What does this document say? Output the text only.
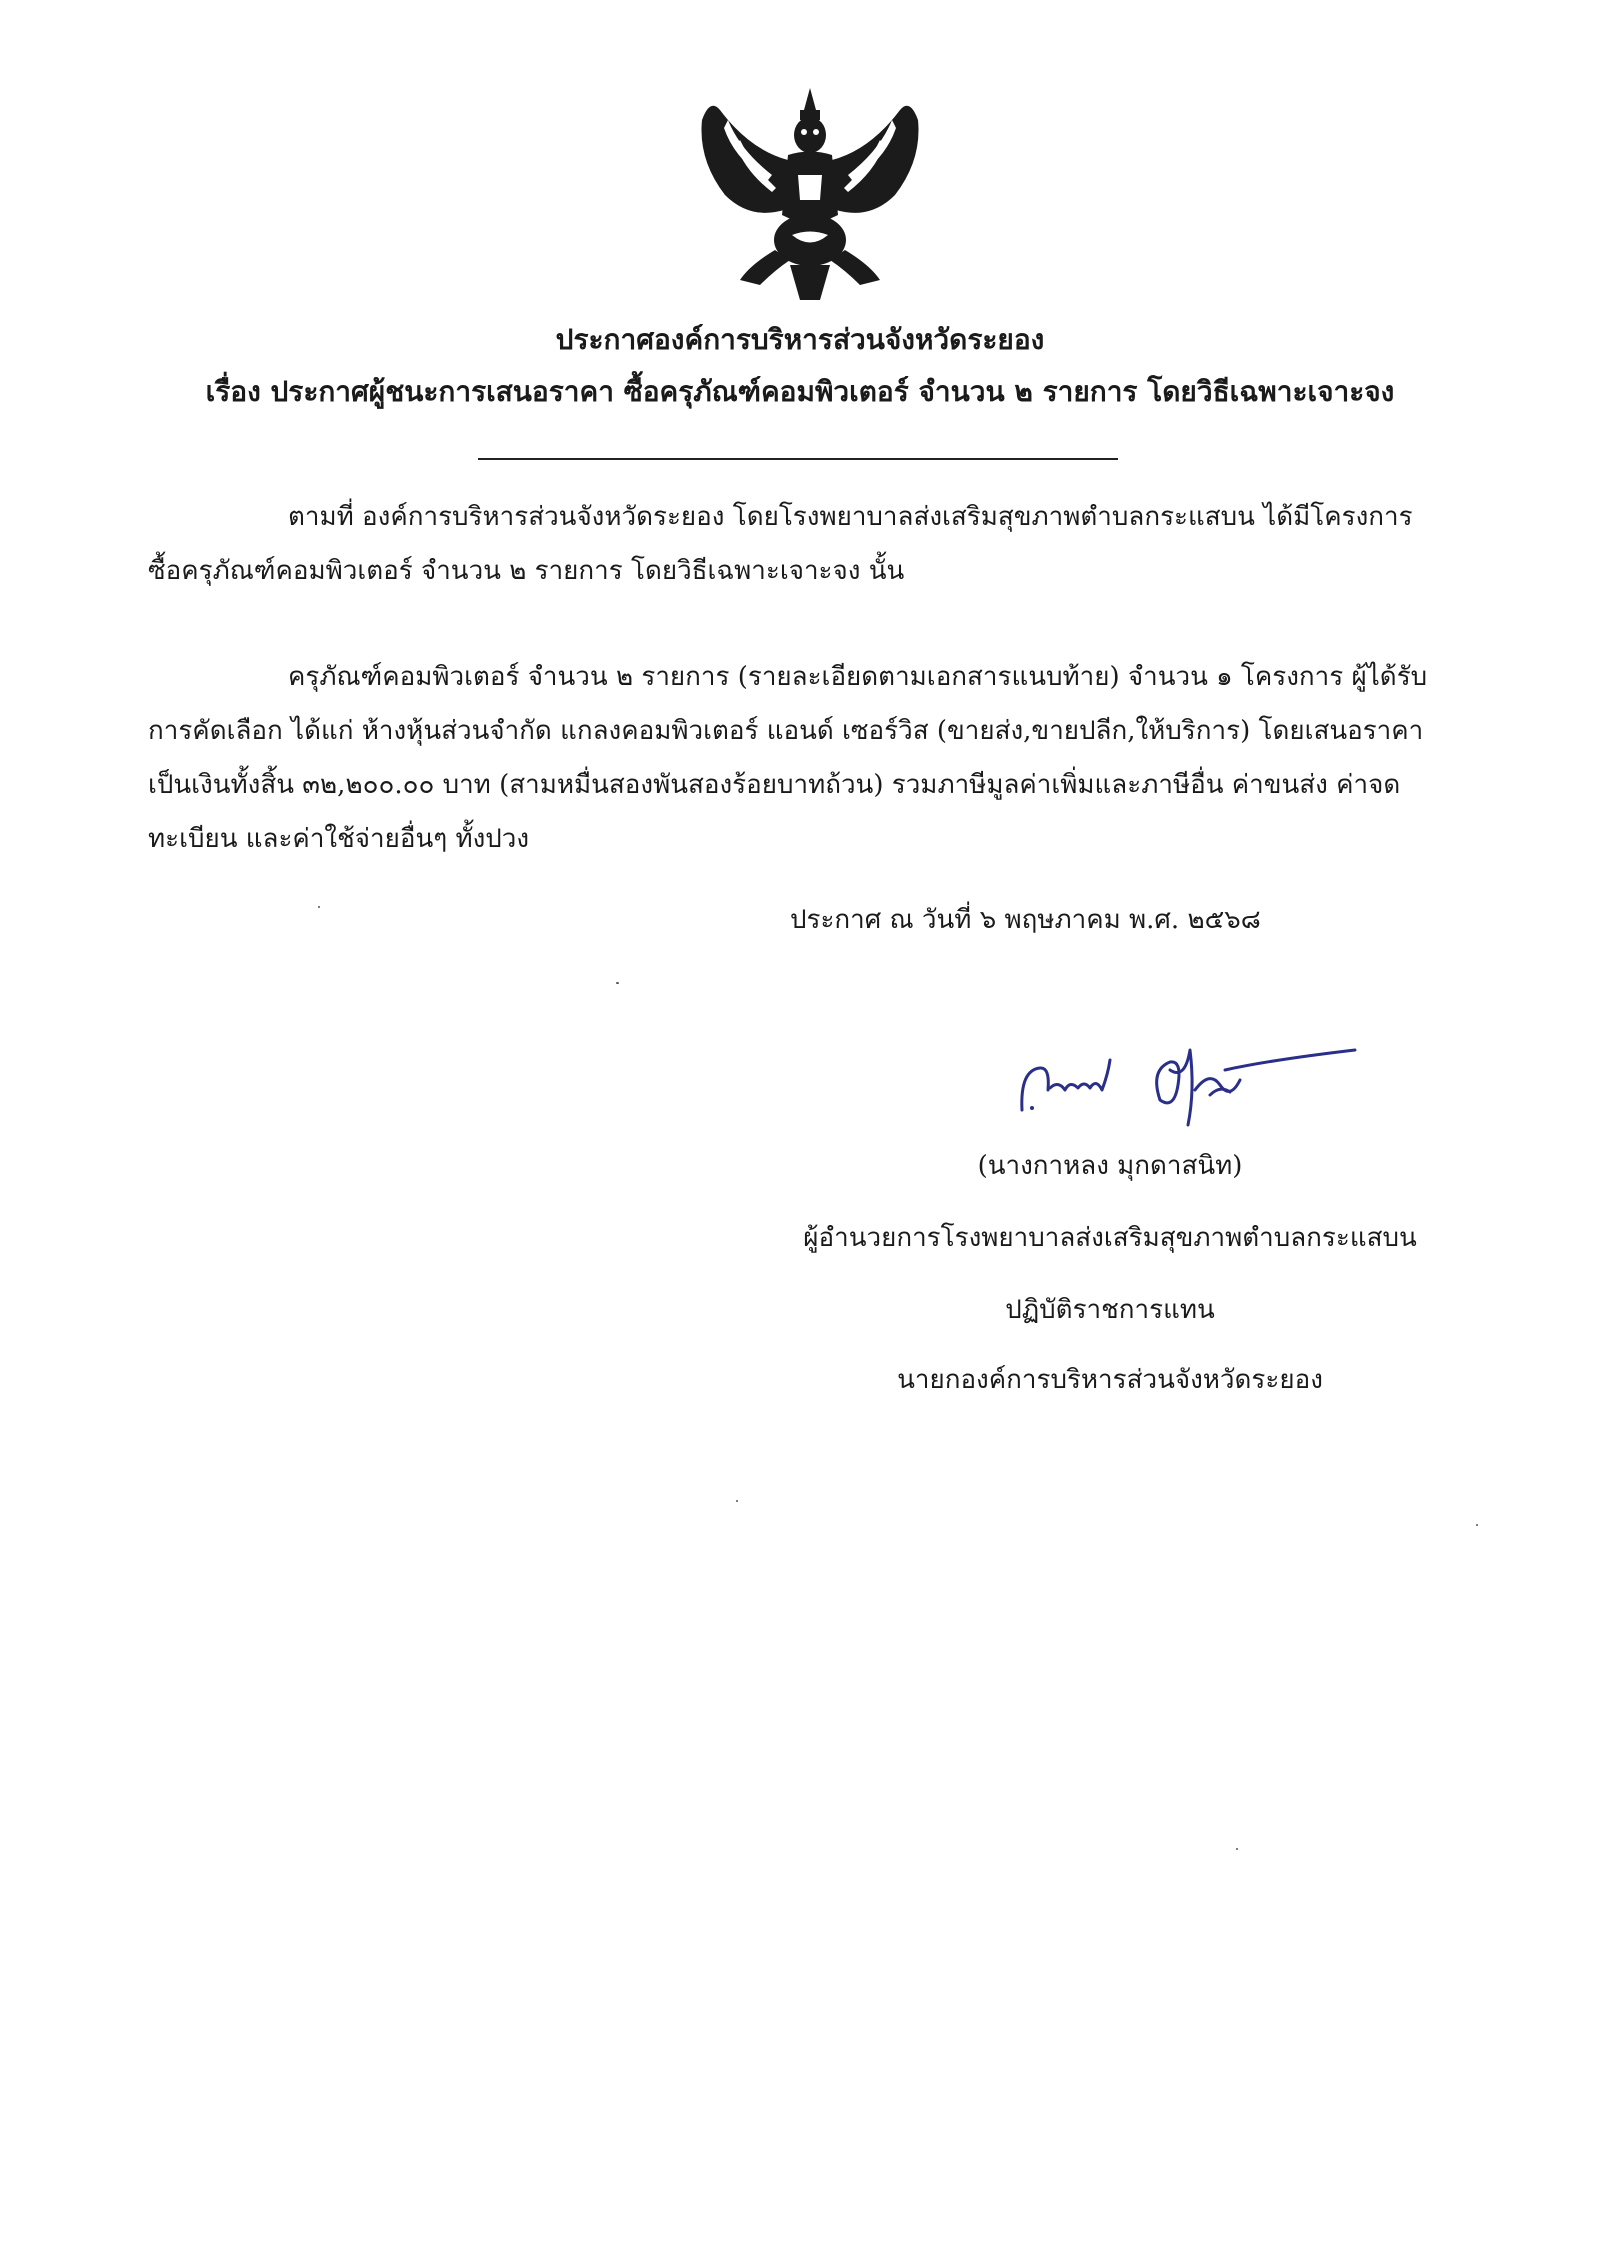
ประกาศองค์การบริหารส่วนจังหวัดระยอง
เรื่อง ประกาศผู้ชนะการเสนอราคา ซื้อครุภัณฑ์คอมพิวเตอร์ จำนวน ๒ รายการ โดยวิธีเฉพาะเจาะจง
ตามที่ องค์การบริหารส่วนจังหวัดระยอง โดยโรงพยาบาลส่งเสริมสุขภาพตำบลกระแสบน ได้มีโครงการ
ซื้อครุภัณฑ์คอมพิวเตอร์ จำนวน ๒ รายการ โดยวิธีเฉพาะเจาะจง นั้น
ครุภัณฑ์คอมพิวเตอร์ จำนวน ๒ รายการ (รายละเอียดตามเอกสารแนบท้าย) จำนวน ๑ โครงการ ผู้ได้รับ
การคัดเลือก ได้แก่ ห้างหุ้นส่วนจำกัด แกลงคอมพิวเตอร์ แอนด์ เซอร์วิส (ขายส่ง,ขายปลีก,ให้บริการ) โดยเสนอราคา
เป็นเงินทั้งสิ้น ๓๒,๒๐๐.๐๐ บาท (สามหมื่นสองพันสองร้อยบาทถ้วน) รวมภาษีมูลค่าเพิ่มและภาษีอื่น ค่าขนส่ง ค่าจด
ทะเบียน และค่าใช้จ่ายอื่นๆ ทั้งปวง
ประกาศ ณ วันที่ ๖ พฤษภาคม พ.ศ. ๒๕๖๘
(นางกาหลง มุกดาสนิท)
ผู้อำนวยการโรงพยาบาลส่งเสริมสุขภาพตำบลกระแสบน
ปฏิบัติราชการแทน
นายกองค์การบริหารส่วนจังหวัดระยอง
